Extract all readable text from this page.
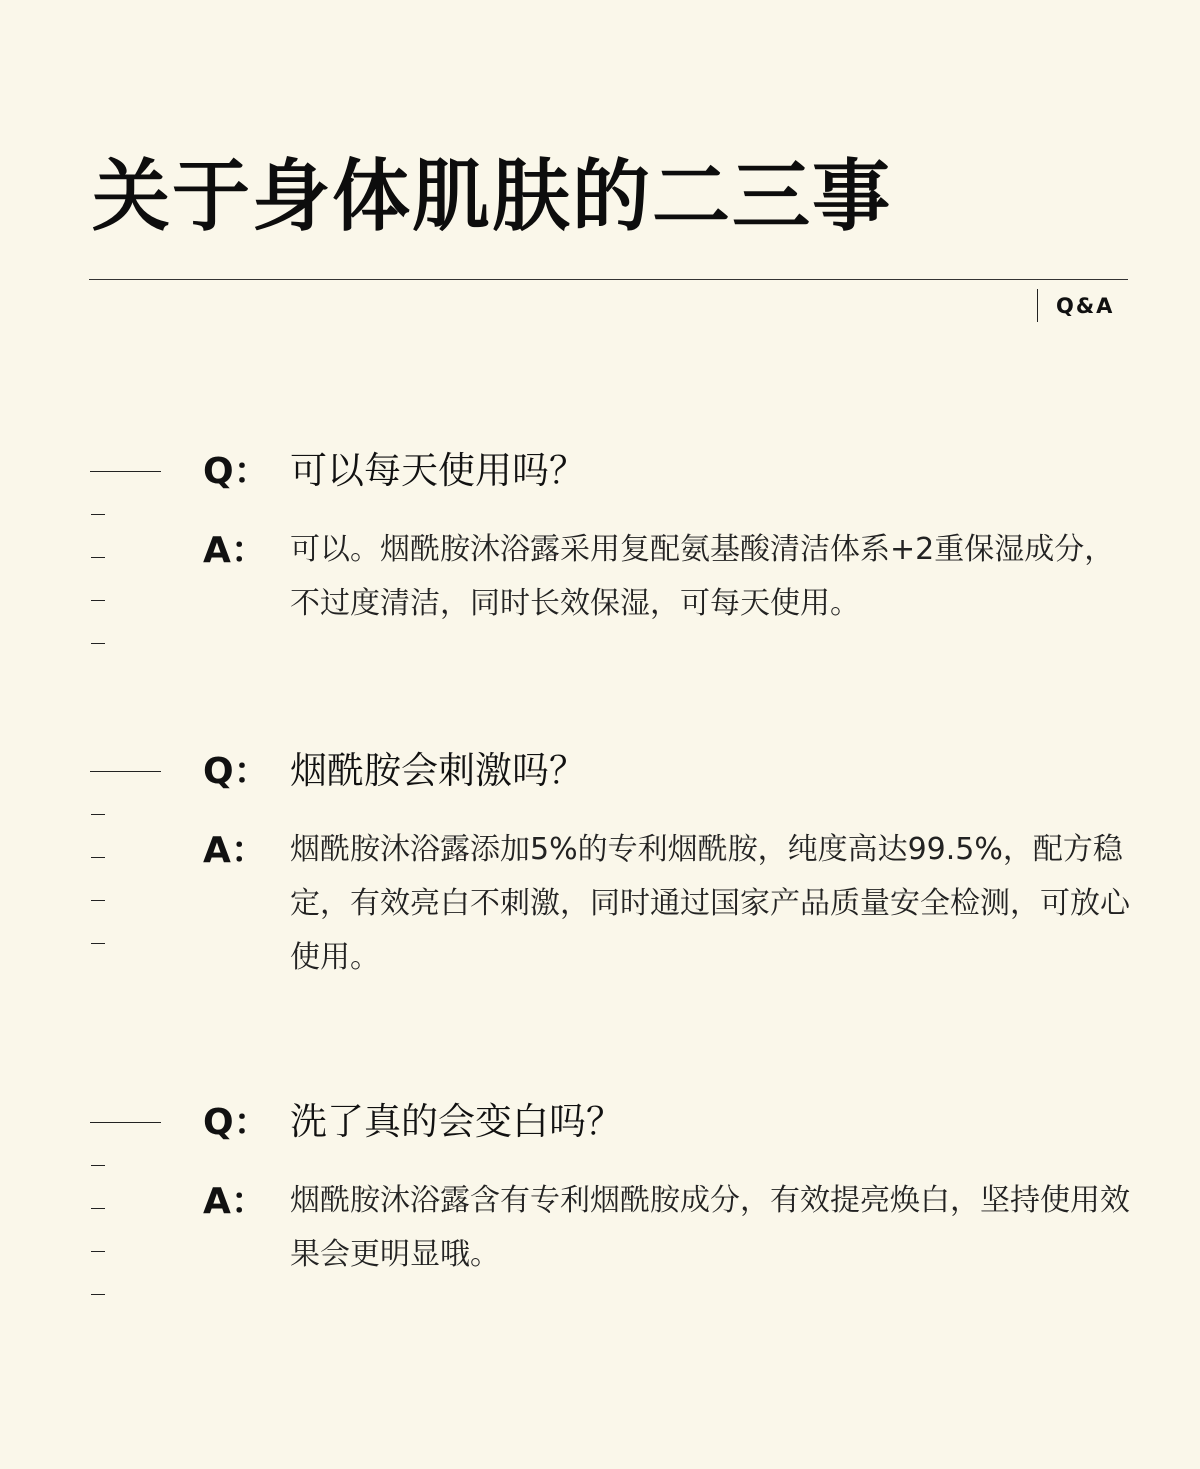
关于身体肌肤的二三事
Q&A
Q： 可以每天使用吗？
A： 可以。烟酰胺沐浴露采用复配氨基酸清洁体系+2重保湿成分，不过度清洁，同时长效保湿，可每天使用。
Q： 烟酰胺会刺激吗？
A： 烟酰胺沐浴露添加5%的专利烟酰胺，纯度高达99.5%，配方稳定，有效亮白不刺激，同时通过国家产品质量安全检测，可放心使用。
Q： 洗了真的会变白吗？
A： 烟酰胺沐浴露含有专利烟酰胺成分，有效提亮焕白，坚持使用效果会更明显哦。
